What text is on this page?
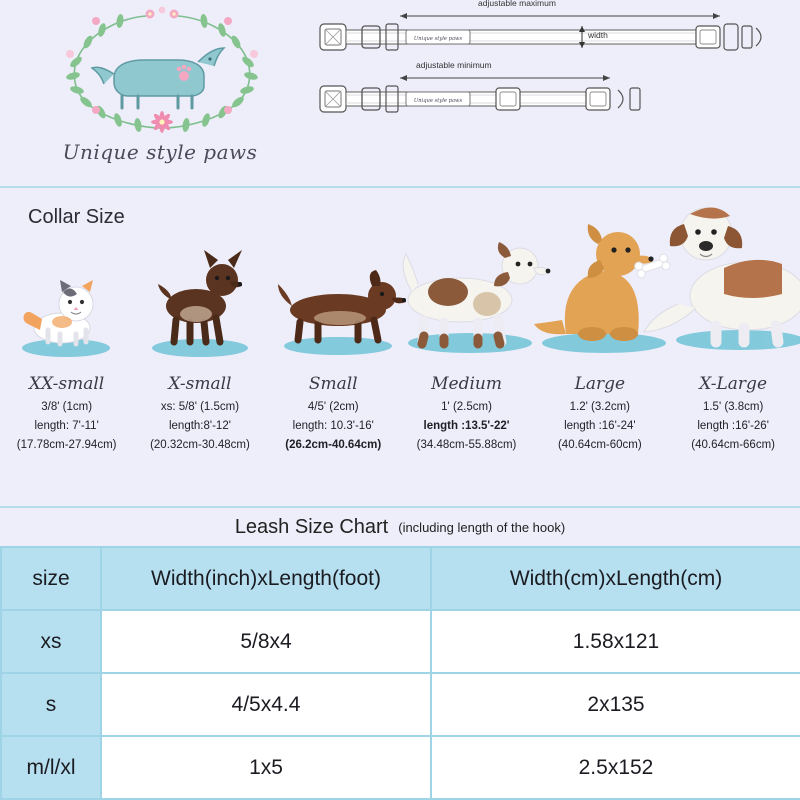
Unique style paws
Unique style paws
Unique style paws
adjustable maximum
adjustable minimum
width
Collar Size
XX-small
3/8' (1cm)
length: 7'-11'
(17.78cm-27.94cm)
X-small
xs: 5/8' (1.5cm)
length:8'-12'
(20.32cm-30.48cm)
Small
4/5' (2cm)
length: 10.3'-16'
(26.2cm-40.64cm)
Medium
1' (2.5cm)
length :13.5'-22'
(34.48cm-55.88cm)
Large
1.2' (3.2cm)
length :16'-24'
(40.64cm-60cm)
X-Large
1.5' (3.8cm)
length :16'-26'
(40.64cm-66cm)
Leash Size Chart (including length of the hook)
size	Width(inch)xLength(foot)	Width(cm)xLength(cm)
xs	5/8x4	1.58x121
s	4/5x4.4	2x135
m/l/xl	1x5	2.5x152
